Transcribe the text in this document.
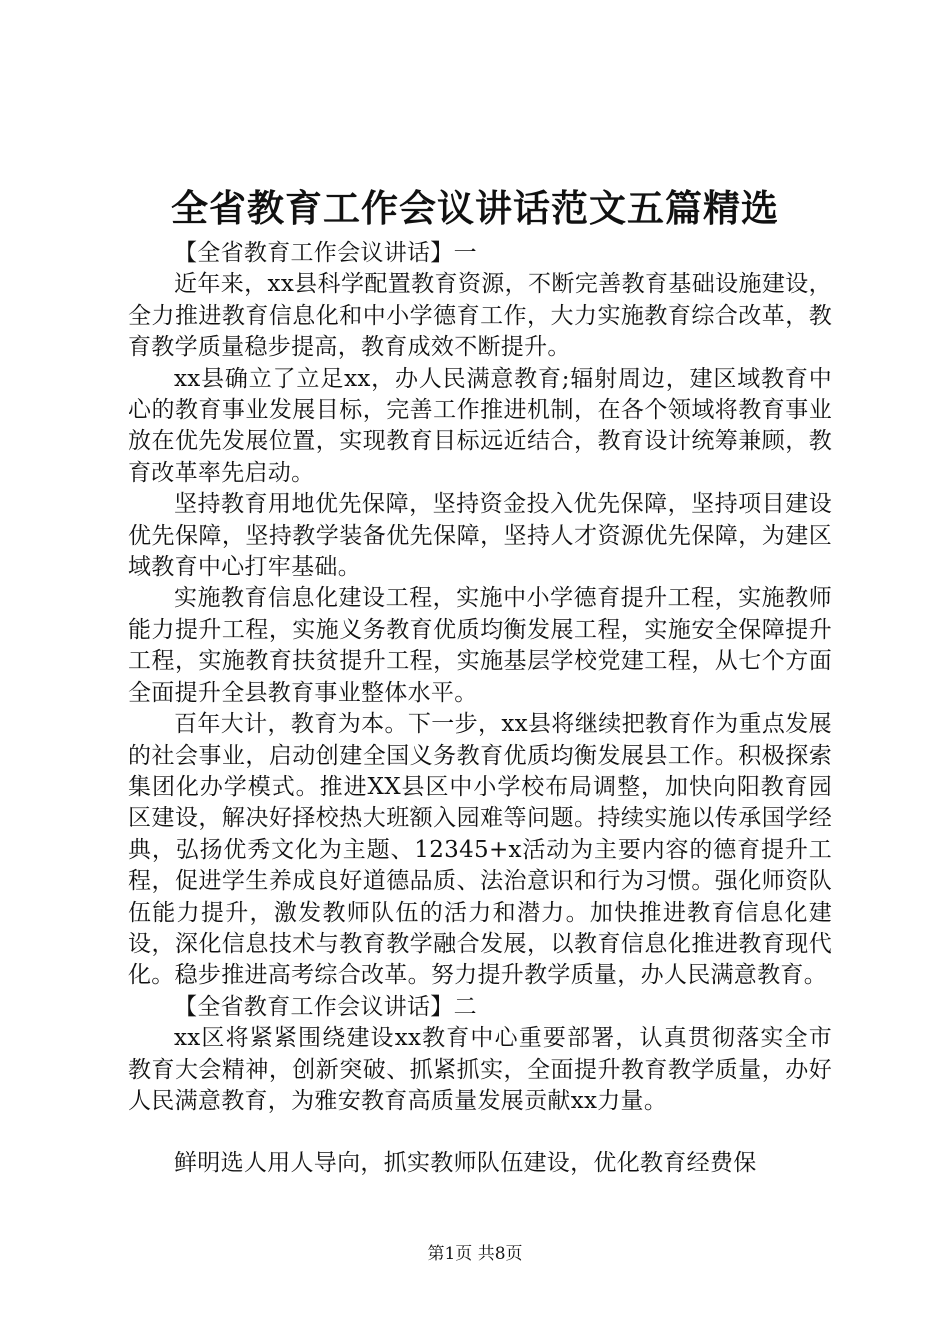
全省教育工作会议讲话范文五篇精选

【全省教育工作会议讲话】一

近年来，xx县科学配置教育资源，不断完善教育基础设施建设，全力推进教育信息化和中小学德育工作，大力实施教育综合改革，教育教学质量稳步提高，教育成效不断提升。

xx县确立了立足xx，办人民满意教育;辐射周边，建区域教育中心的教育事业发展目标，完善工作推进机制，在各个领域将教育事业放在优先发展位置，实现教育目标远近结合，教育设计统筹兼顾，教育改革率先启动。

坚持教育用地优先保障，坚持资金投入优先保障，坚持项目建设优先保障，坚持教学装备优先保障，坚持人才资源优先保障，为建区域教育中心打牢基础。

实施教育信息化建设工程，实施中小学德育提升工程，实施教师能力提升工程，实施义务教育优质均衡发展工程，实施安全保障提升工程，实施教育扶贫提升工程，实施基层学校党建工程，从七个方面全面提升全县教育事业整体水平。

百年大计，教育为本。下一步，xx县将继续把教育作为重点发展的社会事业，启动创建全国义务教育优质均衡发展县工作。积极探索集团化办学模式。推进XX县区中小学校布局调整，加快向阳教育园区建设，解决好择校热大班额入园难等问题。持续实施以传承国学经典，弘扬优秀文化为主题、12345+x活动为主要内容的德育提升工程，促进学生养成良好道德品质、法治意识和行为习惯。强化师资队伍能力提升，激发教师队伍的活力和潜力。加快推进教育信息化建设，深化信息技术与教育教学融合发展，以教育信息化推进教育现代化。稳步推进高考综合改革。努力提升教学质量，办人民满意教育。

【全省教育工作会议讲话】二

xx区将紧紧围绕建设xx教育中心重要部署，认真贯彻落实全市教育大会精神，创新突破、抓紧抓实，全面提升教育教学质量，办好人民满意教育，为雅安教育高质量发展贡献xx力量。

鲜明选人用人导向，抓实教师队伍建设，优化教育经费保

第1页 共8页
